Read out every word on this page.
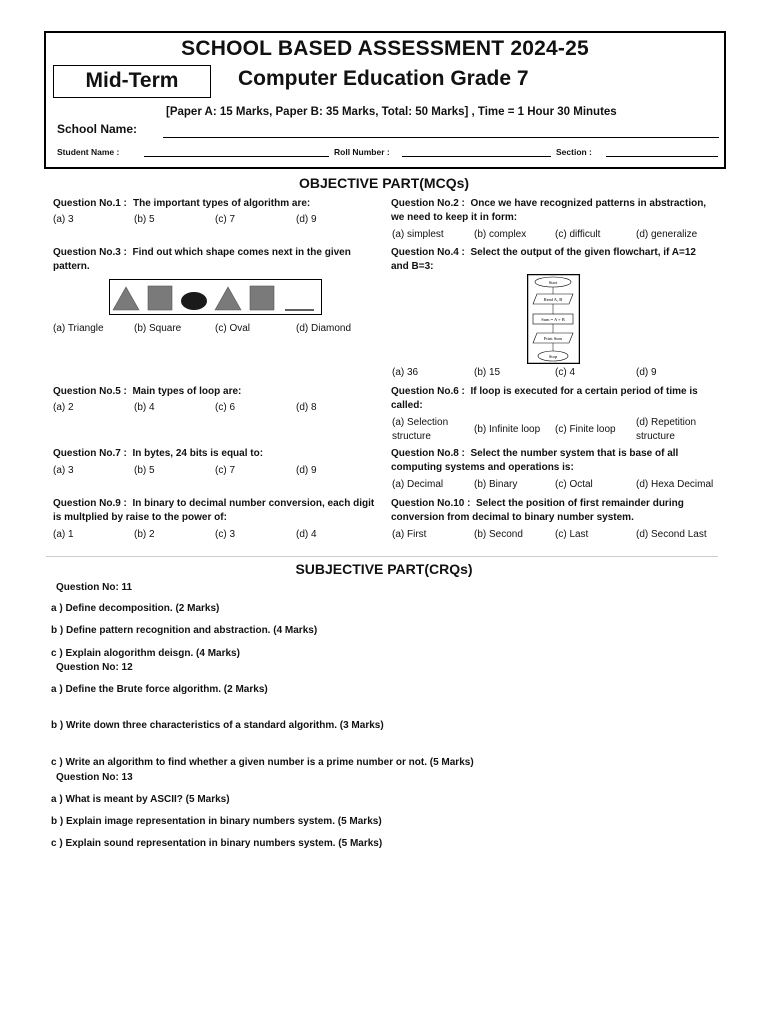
SCHOOL BASED ASSESSMENT 2024-25
Mid-Term	Computer Education Grade 7
[Paper A: 15 Marks, Paper B: 35 Marks, Total: 50 Marks] , Time = 1 Hour 30 Minutes
School Name:
Student Name :	Roll Number :	Section :
OBJECTIVE PART(MCQs)
Question No.1 : The important types of algorithm are:
(a) 3	(b) 5	(c) 7	(d) 9
Question No.2 : Once we have recognized patterns in abstraction, we need to keep it in form:
(a) simplest	(b) complex	(c) difficult	(d) generalize
Question No.3 : Find out which shape comes next in the given pattern.
(a) Triangle	(b) Square	(c) Oval	(d) Diamond
Question No.4 : Select the output of the given flowchart, if A=12 and B=3:
Start
Read A, B
Sum = A + B
Print Sum
Stop
(a) 36	(b) 15	(c) 4	(d) 9
Question No.5 : Main types of loop are:
(a) 2	(b) 4	(c) 6	(d) 8
Question No.6 : If loop is executed for a certain period of time is called:
(a) Selection structure
(b) Infinite loop (c) Finite loop
(d) Repetition structure
Question No.7 : In bytes, 24 bits is equal to:
(a) 3	(b) 5	(c) 7	(d) 9
Question No.8 : Select the number system that is base of all computing systems and operations is:
(a) Decimal	(b) Binary	(c) Octal	(d) Hexa Decimal
Question No.9 : In binary to decimal number conversion, each digit is multplied by raise to the power of:
(a) 1	(b) 2	(c) 3	(d) 4
Question No.10 : Select the position of first remainder during conversion from decimal to binary number system.
(a) First	(b) Second	(c) Last	(d) Second Last
SUBJECTIVE PART(CRQs)
Question No: 11
a ) Define decomposition. (2 Marks)
b ) Define pattern recognition and abstraction. (4 Marks)
c ) Explain alogorithm deisgn. (4 Marks)
Question No: 12
a ) Define the Brute force algorithm. (2 Marks)
b ) Write down three characteristics of a standard algorithm. (3 Marks)
c ) Write an algorithm to find whether a given number is a prime number or not. (5 Marks)
Question No: 13
a ) What is meant by ASCII? (5 Marks)
b ) Explain image representation in binary numbers system. (5 Marks)
c ) Explain sound representation in binary numbers system. (5 Marks)
